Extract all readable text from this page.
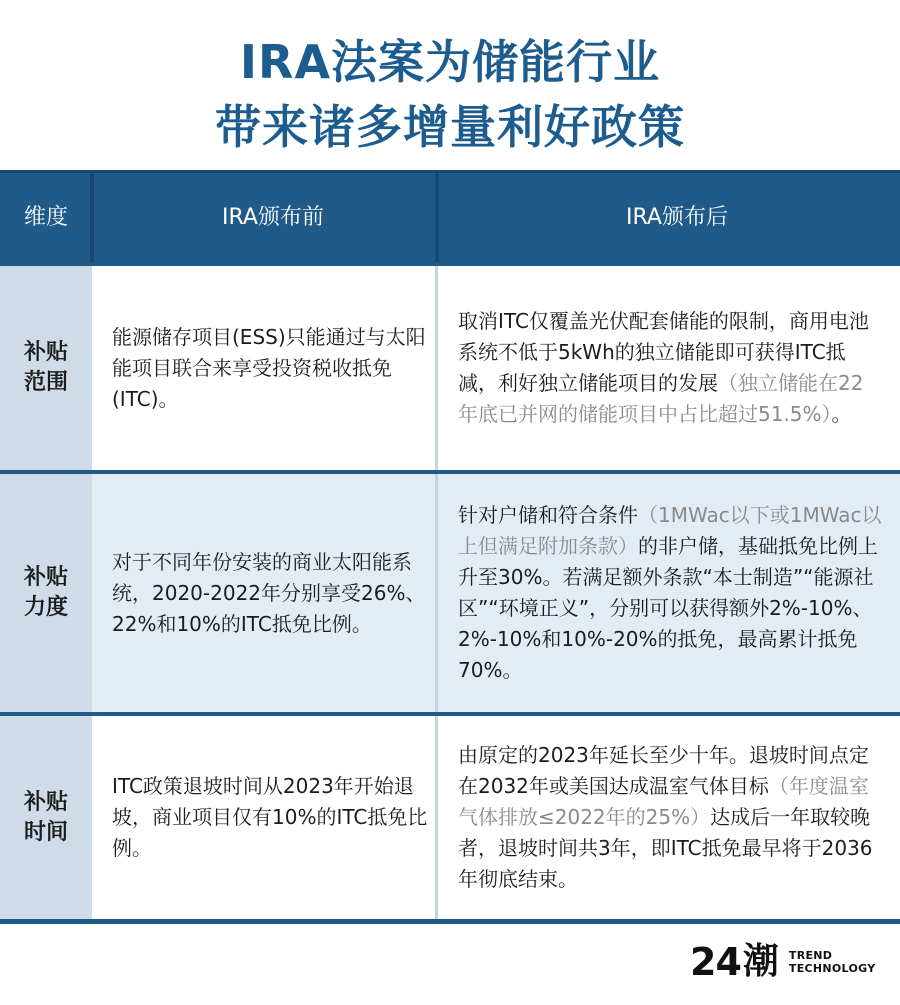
IRA法案为储能行业
带来诸多增量利好政策
维度	IRA颁布前	IRA颁布后
补贴范围

能源储存项目(ESS)只能通过与太阳能项目联合来享受投资税收抵免(ITC)。

取消ITC仅覆盖光伏配套储能的限制，商用电池系统不低于5kWh的独立储能即可获得ITC抵减，利好独立储能项目的发展（独立储能在22年底已并网的储能项目中占比超过51.5%）。

补贴力度

对于不同年份安装的商业太阳能系统，2020-2022年分别享受26%、22%和10%的ITC抵免比例。

针对户储和符合条件（1MWac以下或1MWac以上但满足附加条款）的非户储，基础抵免比例上升至30%。若满足额外条款“本士制造”“能源社区”“环境正义”，分别可以获得额外2%-10%、2%-10%和10%-20%的抵免，最高累计抵免70%。

补贴时间

ITC政策退坡时间从2023年开始退坡，商业项目仅有10%的ITC抵免比例。

由原定的2023年延长至少十年。退坡时间点定在2032年或美国达成温室气体目标（年度温室气体排放≤2022年的25%）达成后一年取较晚者，退坡时间共3年，即ITC抵免最早将于2036年彻底结束。

24 潮 TREND
TECHNOLOGY
